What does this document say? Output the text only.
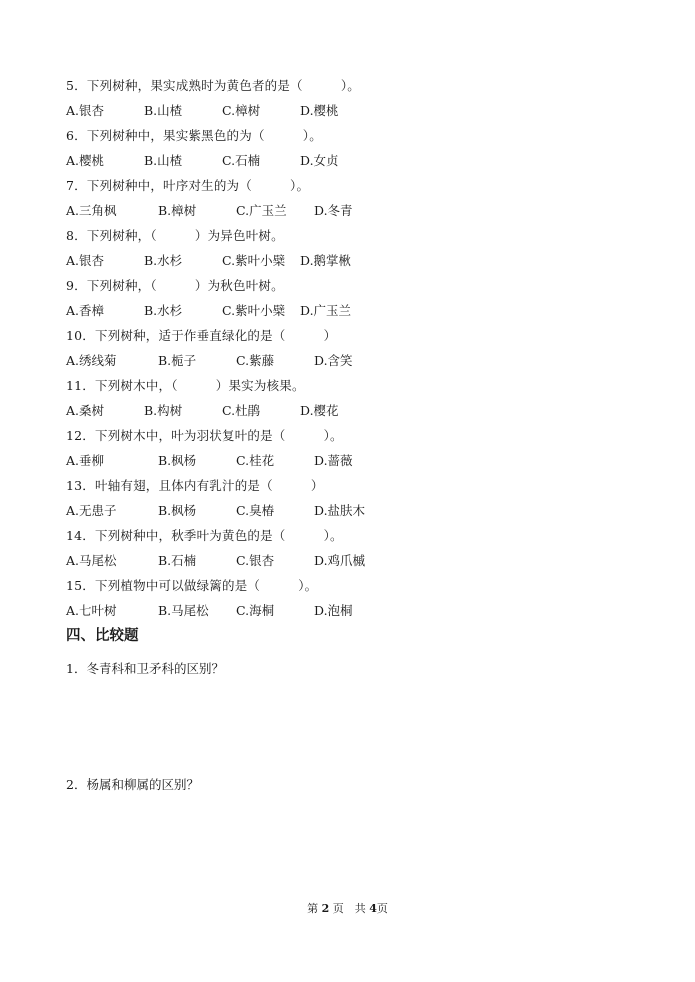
5．下列树种，果实成熟时为黄色者的是（　　　）。
A.银杏	B.山楂	C.樟树	D.樱桃
6．下列树种中，果实紫黑色的为（　　　）。
A.樱桃	B.山楂	C.石楠	D.女贞
7．下列树种中，叶序对生的为（　　　）。
A.三角枫	B.樟树	C.广玉兰 D.冬青
8．下列树种，（　　　）为异色叶树。
A.银杏	B.水杉	C.紫叶小檗 D.鹅掌楸
9．下列树种，（　　　）为秋色叶树。
A.香樟	B.水杉	C.紫叶小檗 D.广玉兰
10．下列树种，适于作垂直绿化的是（　　　）
A.绣线菊	B.栀子	C.紫藤	D.含笑
11．下列树木中，（　　　）果实为核果。
A.桑树	B.构树	C.杜鹃	D.樱花
12．下列树木中，叶为羽状复叶的是（　　　）。
A.垂柳	B.枫杨	C.桂花	D.蔷薇
13．叶轴有翅，且体内有乳汁的是（　　　）
A.无患子	B.枫杨	C.臭椿	D.盐肤木
14．下列树种中，秋季叶为黄色的是（　　　）。
A.马尾松	B.石楠	C.银杏	D.鸡爪槭
15．下列植物中可以做绿篱的是（　　　）。
A.七叶树	B.马尾松 C.海桐	D.泡桐
四、比较题
1．冬青科和卫矛科的区别？
2．杨属和柳属的区别？
第 2 页　共 4页
